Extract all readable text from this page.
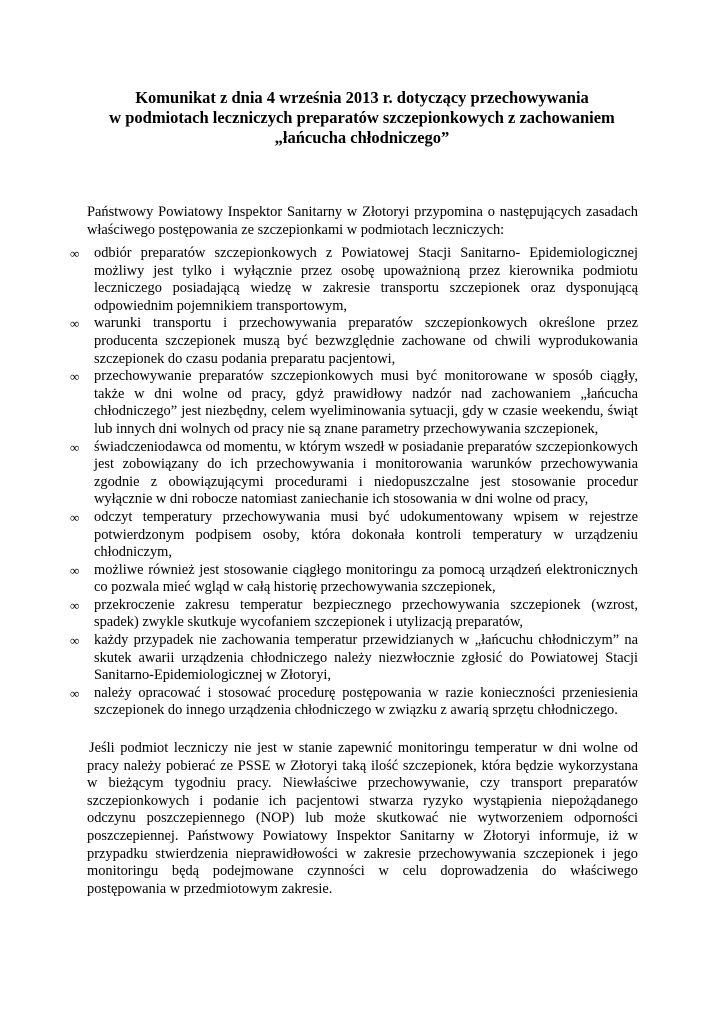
Komunikat z dnia 4 września 2013 r. dotyczący przechowywania
w podmiotach leczniczych preparatów szczepionkowych z zachowaniem
„łańcucha chłodniczego”

Państwowy Powiatowy Inspektor Sanitarny w Złotoryi przypomina o następujących zasadach właściwego postępowania ze szczepionkami w podmiotach leczniczych:

∞	odbiór preparatów szczepionkowych z Powiatowej Stacji Sanitarno- Epidemiologicznej możliwy jest tylko i wyłącznie przez osobę upoważnioną przez kierownika podmiotu leczniczego posiadającą wiedzę w zakresie transportu szczepionek oraz dysponującą odpowiednim pojemnikiem transportowym,
∞	warunki transportu i przechowywania preparatów szczepionkowych określone przez producenta szczepionek muszą być bezwzględnie zachowane od chwili wyprodukowania szczepionek do czasu podania preparatu pacjentowi,
∞	przechowywanie preparatów szczepionkowych musi być monitorowane w sposób ciągły, także w dni wolne od pracy, gdyż prawidłowy nadzór nad zachowaniem „łańcucha chłodniczego” jest niezbędny, celem wyeliminowania sytuacji, gdy w czasie weekendu, świąt lub innych dni wolnych od pracy nie są znane parametry przechowywania szczepionek,
∞	świadczeniodawca od momentu, w którym wszedł w posiadanie preparatów szczepionkowych jest zobowiązany do ich przechowywania i monitorowania warunków przechowywania zgodnie z obowiązującymi procedurami i niedopuszczalne jest stosowanie procedur wyłącznie w dni robocze natomiast zaniechanie ich stosowania w dni wolne od pracy,
∞	odczyt temperatury przechowywania musi być udokumentowany wpisem w rejestrze potwierdzonym podpisem osoby, która dokonała kontroli temperatury w urządzeniu chłodniczym,
∞	możliwe również jest stosowanie ciągłego monitoringu za pomocą urządzeń elektronicznych co pozwala mieć wgląd w całą historię przechowywania szczepionek,
∞	przekroczenie zakresu temperatur bezpiecznego przechowywania szczepionek (wzrost, spadek) zwykle skutkuje wycofaniem szczepionek i utylizacją preparatów,
∞	każdy przypadek nie zachowania temperatur przewidzianych w „łańcuchu chłodniczym” na skutek awarii urządzenia chłodniczego należy niezwłocznie zgłosić do Powiatowej Stacji Sanitarno-Epidemiologicznej w Złotoryi,
∞	należy opracować i stosować procedurę postępowania w razie konieczności przeniesienia szczepionek do innego urządzenia chłodniczego w związku z awarią sprzętu chłodniczego.

Jeśli podmiot leczniczy nie jest w stanie zapewnić monitoringu temperatur w dni wolne od pracy należy pobierać ze PSSE w Złotoryi taką ilość szczepionek, która będzie wykorzystana w bieżącym tygodniu pracy. Niewłaściwe przechowywanie, czy transport preparatów szczepionkowych i podanie ich pacjentowi stwarza ryzyko wystąpienia niepożądanego odczynu poszczepiennego (NOP) lub może skutkować nie wytworzeniem odporności poszczepiennej. Państwowy Powiatowy Inspektor Sanitarny w Złotoryi informuje, iż w przypadku stwierdzenia nieprawidłowości w zakresie przechowywania szczepionek i jego monitoringu będą podejmowane czynności w celu doprowadzenia do właściwego postępowania w przedmiotowym zakresie.
